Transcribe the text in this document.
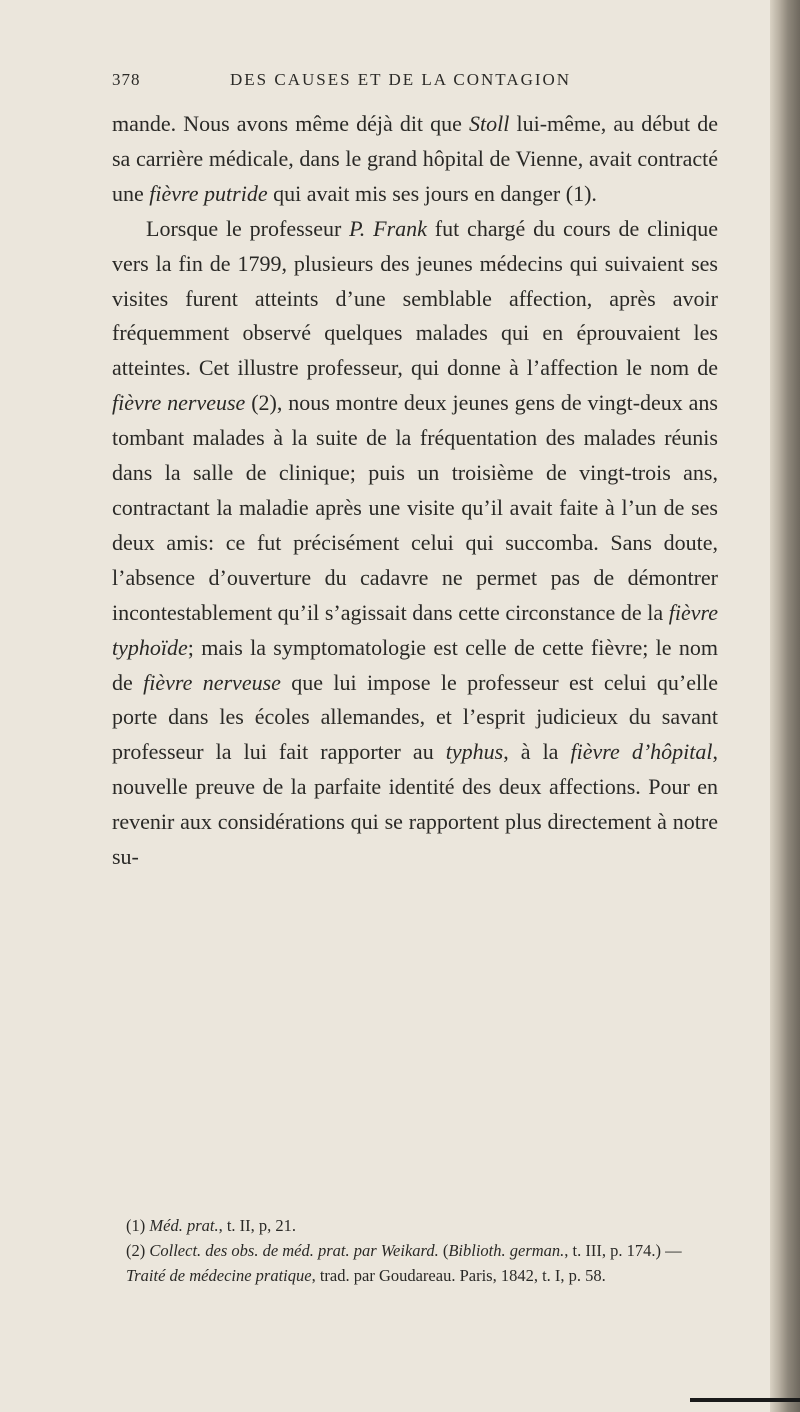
378	DES CAUSES ET DE LA CONTAGION

mande. Nous avons même déjà dit que Stoll lui-même, au début de sa carrière médicale, dans le grand hôpital de Vienne, avait contracté une fièvre putride qui avait mis ses jours en danger (1).

Lorsque le professeur P. Frank fut chargé du cours de clinique vers la fin de 1799, plusieurs des jeunes médecins qui suivaient ses visites furent atteints d’une semblable affection, après avoir fréquemment observé quelques malades qui en éprouvaient les atteintes. Cet illustre professeur, qui donne à l’affection le nom de fièvre nerveuse (2), nous montre deux jeunes gens de vingt-deux ans tombant malades à la suite de la fréquentation des malades réunis dans la salle de clinique; puis un troisième de vingt-trois ans, contractant la maladie après une visite qu’il avait faite à l’un de ses deux amis: ce fut précisément celui qui succomba. Sans doute, l’absence d’ouverture du cadavre ne permet pas de démontrer incontestablement qu’il s’agissait dans cette circonstance de la fièvre typhoïde; mais la symptomatologie est celle de cette fièvre; le nom de fièvre nerveuse que lui impose le professeur est celui qu’elle porte dans les écoles allemandes, et l’esprit judicieux du savant professeur la lui fait rapporter au typhus, à la fièvre d’hôpital, nouvelle preuve de la parfaite identité des deux affections. Pour en revenir aux considérations qui se rapportent plus directement à notre su-

(1) Méd. prat., t. II, p, 21.

(2) Collect. des obs. de méd. prat. par Weikard. (Biblioth. german., t. III, p. 174.) — Traité de médecine pratique, trad. par Goudareau. Paris, 1842, t. I, p. 58.
